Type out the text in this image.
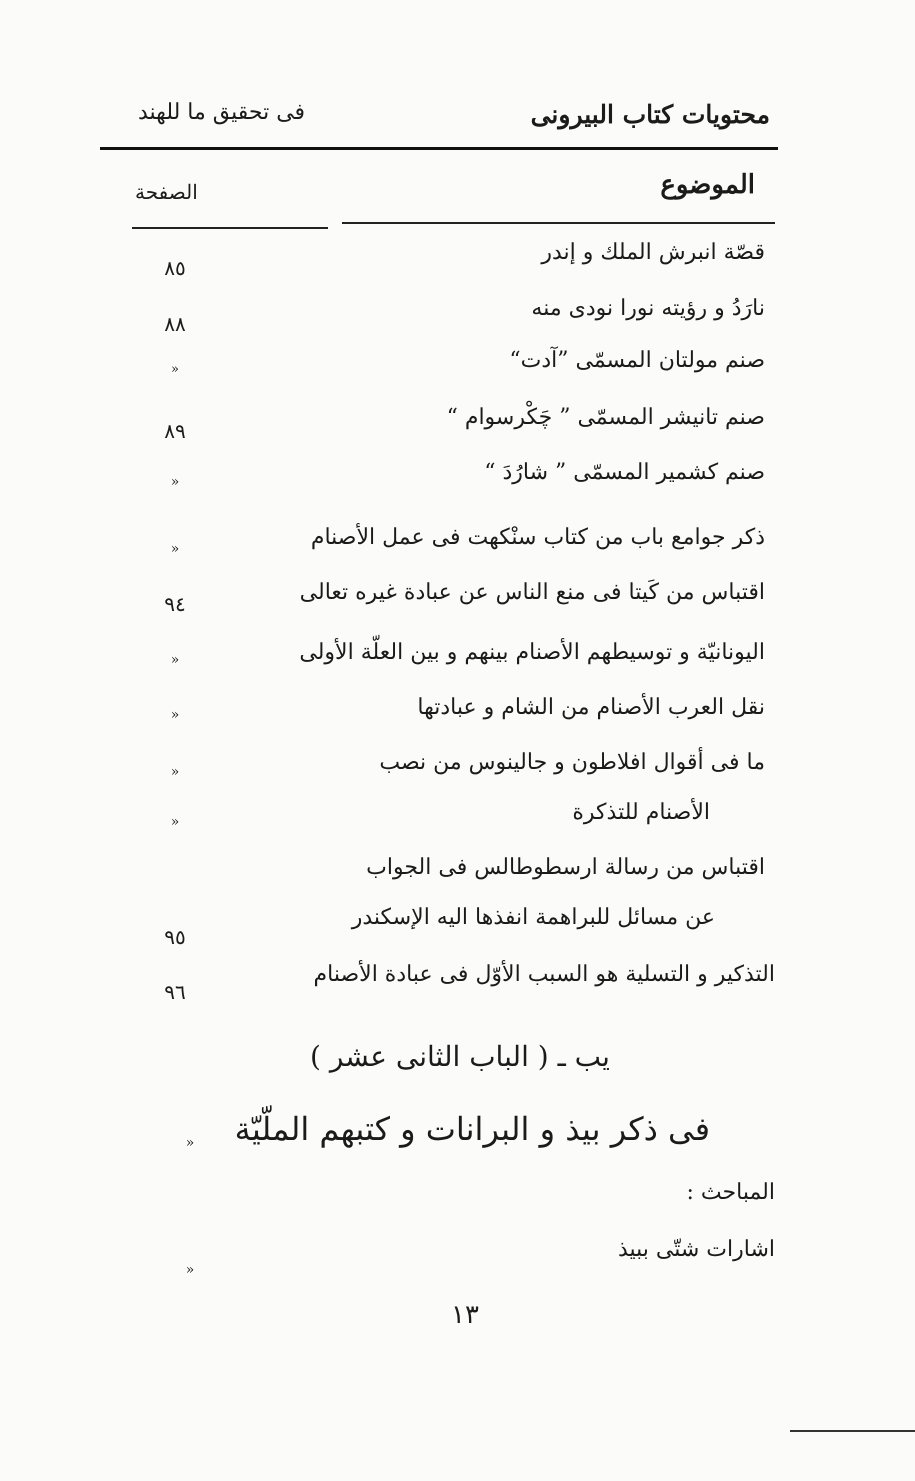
محتويات كتاب البيرونى
فى تحقيق ما للهند
الموضوع
الصفحة
قصّة انبرش الملك و إندر
٨٥
نارَدُ و رؤيته نورا نودى منه
٨٨
صنم مولتان المسمّى ”آدت“
»
صنم تانيشر المسمّى ” چَكْرسوام “
٨٩
صنم كشمير المسمّى ” شارُدَ “
»
ذكر جوامع باب من كتاب سنْكهت فى عمل الأصنام
»
اقتباس من كَيتا فى منع الناس عن عبادة غيره تعالى
٩٤
اليونانيّة و توسيطهم الأصنام بينهم و بين العلّة الأولى
»
نقل العرب الأصنام من الشام و عبادتها
»
ما فى أقوال افلاطون و جالينوس من نصب
»
الأصنام للتذكرة
»
اقتباس من رسالة ارسطوطالس فى الجواب
عن مسائل للبراهمة انفذها اليه الإسكندر
٩٥
التذكير و التسلية هو السبب الأوّل فى عبادة الأصنام
٩٦
يب ـ ( الباب الثانى عشر )
فى ذكر بيذ و البرانات و كتبهم الملّيّة
»
المباحث :
اشارات شتّى ببيذ
»
١٣
